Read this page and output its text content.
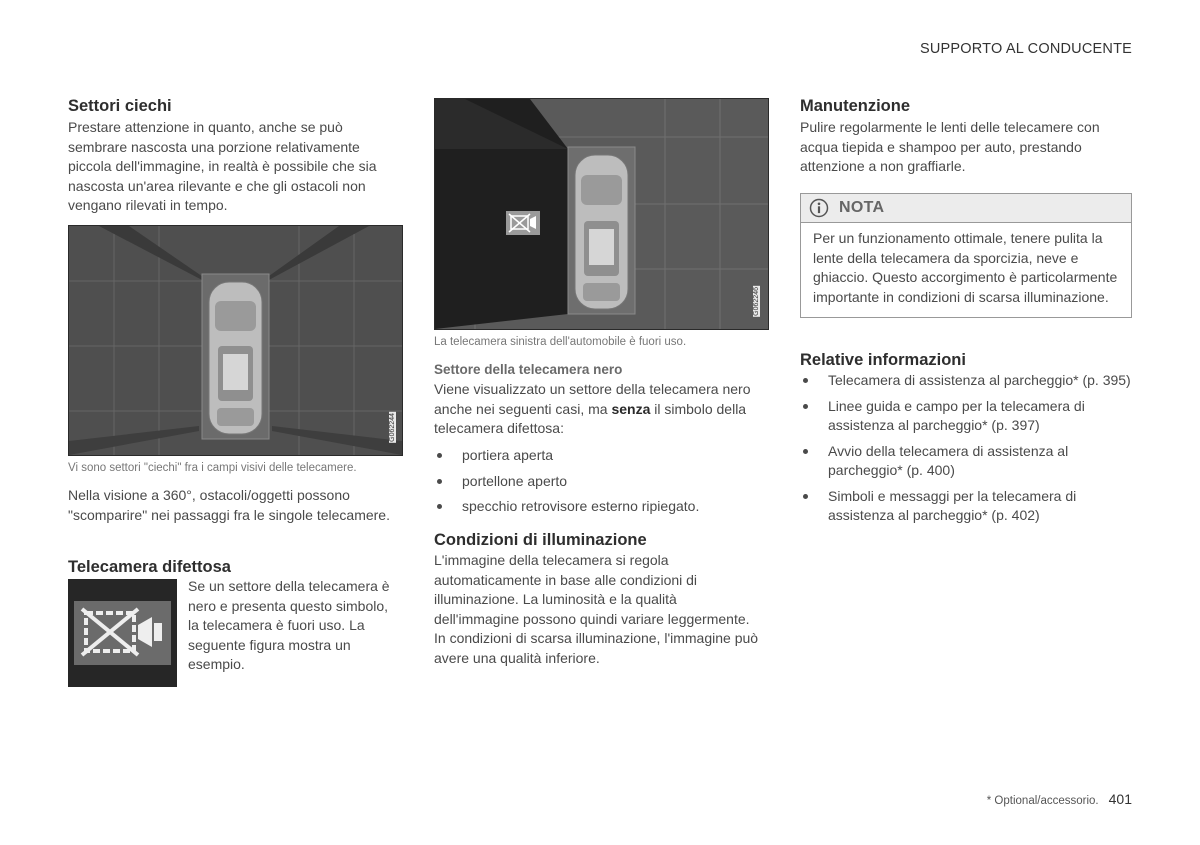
SUPPORTO AL CONDUCENTE
Settori ciechi

Prestare attenzione in quanto, anche se può sembrare nascosta una porzione relativamente piccola dell'immagine, in realtà è possibile che sia nascosta un'area rilevante e che gli ostacoli non vengano rilevati in tempo.

G062244
Vi sono settori "ciechi" fra i campi visivi delle telecamere.

Nella visione a 360°, ostacoli/oggetti possono "scomparire" nei passaggi fra le singole telecamere.

Telecamera difettosa

Se un settore della telecamera è nero e presenta questo simbolo, la telecamera è fuori uso. La seguente figura mostra un esempio.

G062246
La telecamera sinistra dell'automobile è fuori uso.
Settore della telecamera nero

Viene visualizzato un settore della telecamera nero anche nei seguenti casi, ma senza il simbolo della telecamera difettosa:

portiera aperta
portellone aperto
specchio retrovisore esterno ripiegato.
Condizioni di illuminazione

L'immagine della telecamera si regola automaticamente in base alle condizioni di illuminazione. La luminosità e la qualità dell'immagine possono quindi variare leggermente. In condizioni di scarsa illuminazione, l'immagine può avere una qualità inferiore.

Manutenzione

Pulire regolarmente le lenti delle telecamere con acqua tiepida e shampoo per auto, prestando attenzione a non graffiarle.

NOTA
Per un funzionamento ottimale, tenere pulita la lente della telecamera da sporcizia, neve e ghiaccio. Questo accorgimento è particolarmente importante in condizioni di scarsa illuminazione.
Relative informazioni
Telecamera di assistenza al parcheggio* (p. 395)
Linee guida e campo per la telecamera di assistenza al parcheggio* (p. 397)
Avvio della telecamera di assistenza al parcheggio* (p. 400)
Simboli e messaggi per la telecamera di assistenza al parcheggio* (p. 402)
* Optional/accessorio. 401
